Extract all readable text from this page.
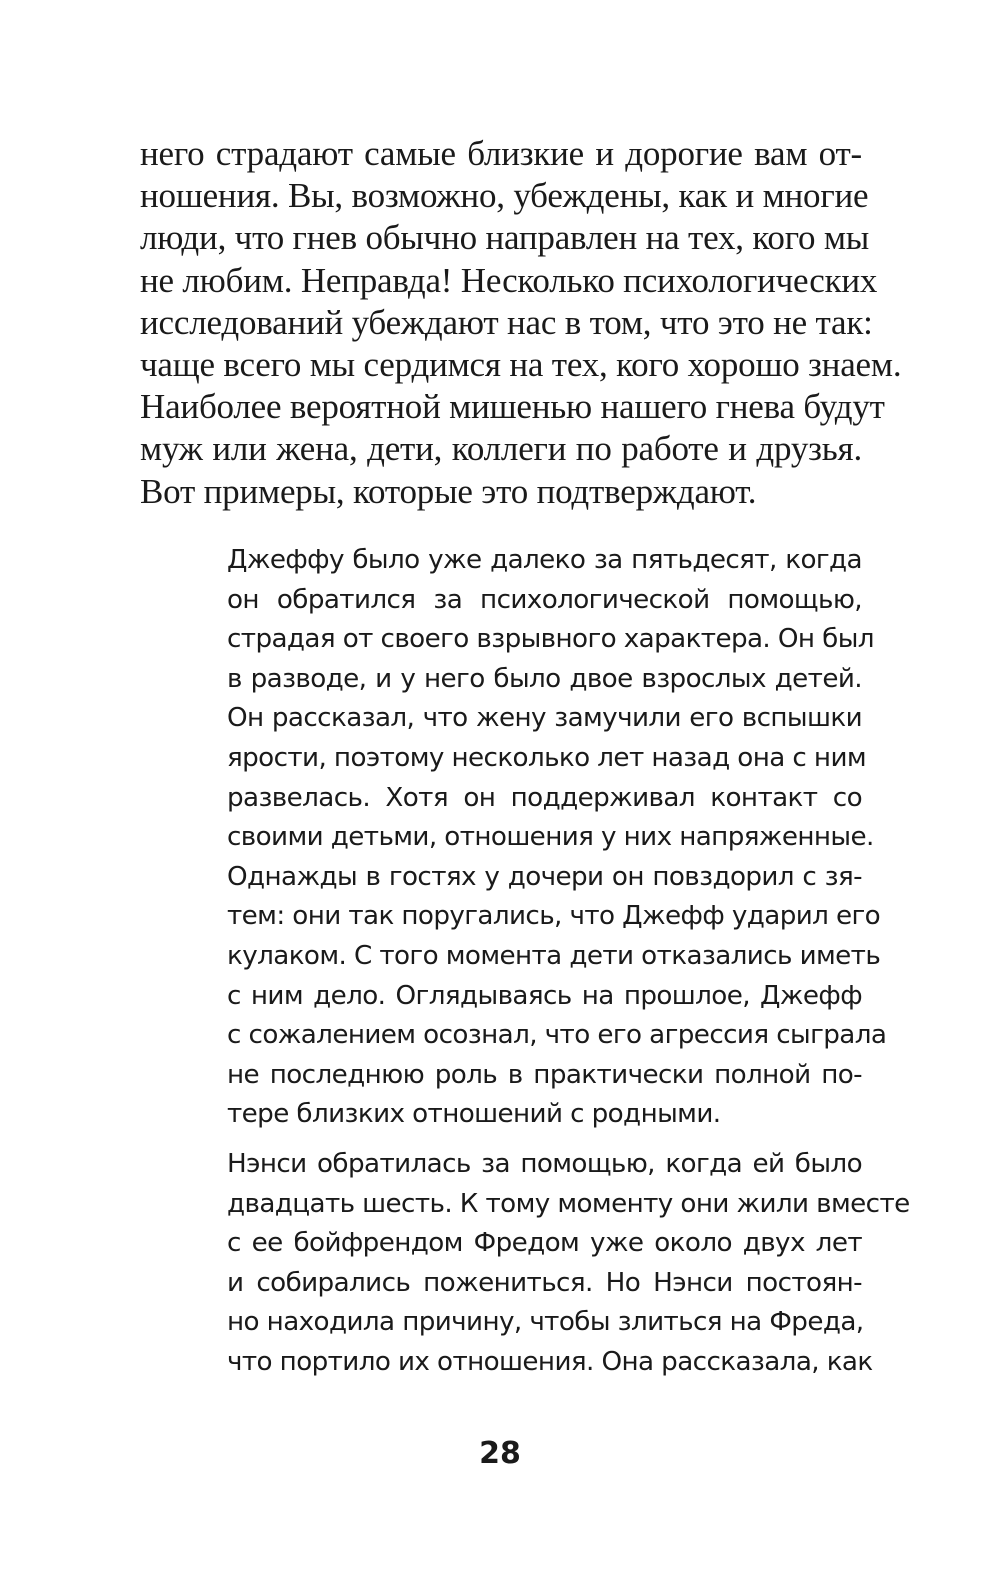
него страдают самые близкие и дорогие вам от-
ношения. Вы, возможно, убеждены, как и многие
люди, что гнев обычно направлен на тех, кого мы
не любим. Неправда! Несколько психологических
исследований убеждают нас в том, что это не так:
чаще всего мы сердимся на тех, кого хорошо знаем.
Наиболее вероятной мишенью нашего гнева будут
муж или жена, дети, коллеги по работе и друзья.
Вот примеры, которые это подтверждают.
Джеффу было уже далеко за пятьдесят, когда
он обратился за психологической помощью,
страдая от своего взрывного характера. Он был
в разводе, и у него было двое взрослых детей.
Он рассказал, что жену замучили его вспышки
ярости, поэтому несколько лет назад она с ним
развелась. Хотя он поддерживал контакт со
своими детьми, отношения у них напряженные.
Однажды в гостях у дочери он повздорил с зя-
тем: они так поругались, что Джефф ударил его
кулаком. С того момента дети отказались иметь
с ним дело. Оглядываясь на прошлое, Джефф
с сожалением осознал, что его агрессия сыграла
не последнюю роль в практически полной по-
тере близких отношений с родными.
Нэнси обратилась за помощью, когда ей было
двадцать шесть. К тому моменту они жили вместе
с ее бойфрендом Фредом уже около двух лет
и собирались пожениться. Но Нэнси постоян-
но находила причину, чтобы злиться на Фреда,
что портило их отношения. Она рассказала, как
28
